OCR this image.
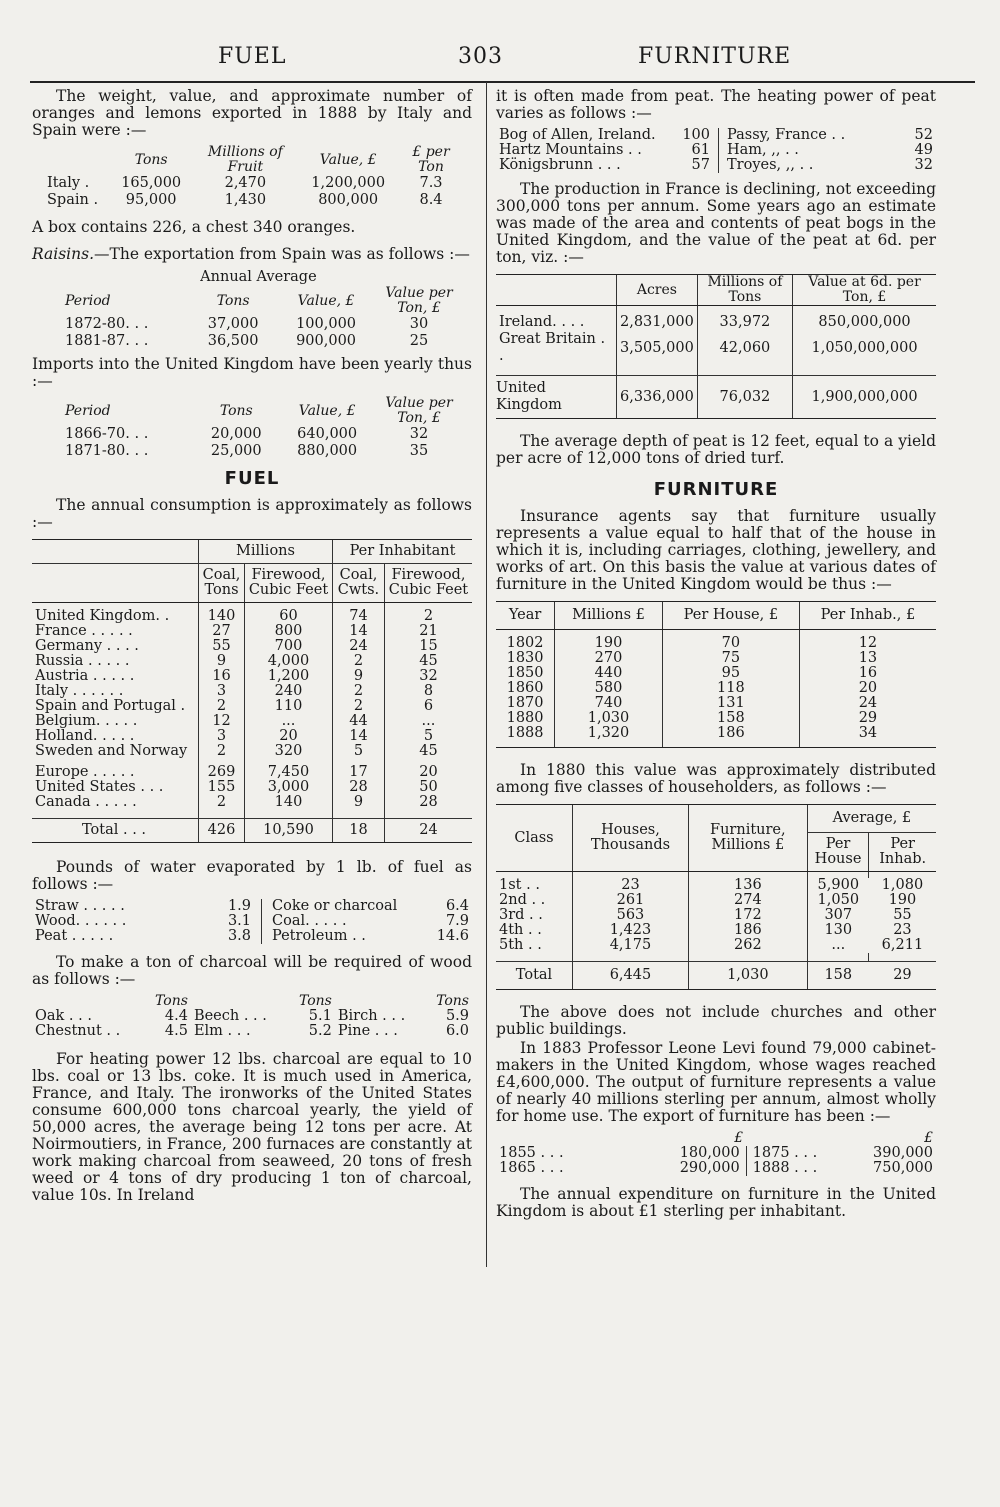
FUEL	303	FURNITURE

The weight, value, and approximate number of oranges and lemons exported in 1888 by Italy and Spain were :—

	Tons	Millions of Fruit	Value, £	£ per Ton
Italy .	165,000	2,470	1,200,000	7.3
Spain .	95,000	1,430	800,000	8.4

A box contains 226, a chest 340 oranges.

Raisins.—The exportation from Spain was as follows :—

	Annual Average		
Period	Tons	Value, £	Value per Ton, £
1872-80. . .	37,000	100,000	30
1881-87. . .	36,500	900,000	25

Imports into the United Kingdom have been yearly thus :—

Period	Tons	Value, £	Value per Ton, £
1866-70. . .	20,000	640,000	32
1871-80. . .	25,000	880,000	35
FUEL

The annual consumption is approximately as follows :—

	Millions		Per Inhabitant	
	Coal, Tons	Firewood, Cubic Feet	Coal, Cwts.	Firewood, Cubic Feet

United Kingdom. .	140	60	74	2
France . . . . .	27	800	14	21
Germany . . . .	55	700	24	15
Russia . . . . .	9	4,000	2	45
Austria . . . . .	16	1,200	9	32
Italy . . . . . .	3	240	2	8
Spain and Portugal .	2	110	2	6
Belgium. . . . .	12	...	44	...
Holland. . . . .	3	20	14	5
Sweden and Norway	2	320	5	45

Europe . . . . .	269	7,450	17	20
United States . . .	155	3,000	28	50
Canada . . . . .	2	140	9	28

Total . . .	426	10,590	18	24

Pounds of water evaporated by 1 lb. of fuel as follows :—

Straw . . . . .	1.9	Coke or charcoal	6.4
Wood. . . . . .	3.1	Coal. . . . .	7.9
Peat . . . . .	3.8	Petroleum . .	14.6

To make a ton of charcoal will be required of wood as follows :—

	Tons		Tons		Tons
Oak . . .	4.4	Beech . . .	5.1	Birch . . .	5.9
Chestnut . .	4.5	Elm . . .	5.2	Pine . . .	6.0

For heating power 12 lbs. charcoal are equal to 10 lbs. coal or 13 lbs. coke. It is much used in America, France, and Italy. The ironworks of the United States consume 600,000 tons charcoal yearly, the yield of 50,000 acres, the average being 12 tons per acre. At Noirmoutiers, in France, 200 furnaces are constantly at work making charcoal from seaweed, 20 tons of fresh weed or 4 tons of dry producing 1 ton of charcoal, value 10s. In Ireland

it is often made from peat. The heating power of peat varies as follows :—

Bog of Allen, Ireland.	100	Passy, France . .	52
Hartz Mountains . .	61	Ham, ,, . .	49
Königsbrunn . . .	57	Troyes, ,, . .	32

The production in France is declining, not exceeding 300,000 tons per annum. Some years ago an estimate was made of the area and contents of peat bogs in the United Kingdom, and the value of the peat at 6d. per ton, viz. :—

	Acres	Millions of Tons	Value at 6d. per Ton, £

Ireland. . . .	2,831,000	33,972	850,000,000
Great Britain . .	3,505,000	42,060	1,050,000,000

United Kingdom	6,336,000	76,032	1,900,000,000

The average depth of peat is 12 feet, equal to a yield per acre of 12,000 tons of dried turf.

FURNITURE

Insurance agents say that furniture usually represents a value equal to half that of the house in which it is, including carriages, clothing, jewellery, and works of art. On this basis the value at various dates of furniture in the United Kingdom would be thus :—

Year	Millions £	Per House, £	Per Inhab., £

1802	190	70	12
1830	270	75	13
1850	440	95	16
1860	580	118	20
1870	740	131	24
1880	1,030	158	29
1888	1,320	186	34

In 1880 this value was approximately distributed among five classes of householders, as follows :—

Class	Houses, Thousands	Furniture, Millions £	Average, £	
			Per House	Per Inhab.

1st . .	23	136	5,900	1,080
2nd . .	261	274	1,050	190
3rd . .	563	172	307	55
4th . .	1,423	186	130	23
5th . .	4,175	262	...	6,211

Total	6,445	1,030	158	29

The above does not include churches and other public buildings.

In 1883 Professor Leone Levi found 79,000 cabinet-makers in the United Kingdom, whose wages reached £4,600,000. The output of furniture represents a value of nearly 40 millions sterling per annum, almost wholly for home use. The export of furniture has been :—

	£		£
1855 . . .	180,000	1875 . . .	390,000
1865 . . .	290,000	1888 . . .	750,000

The annual expenditure on furniture in the United Kingdom is about £1 sterling per inhabitant.
